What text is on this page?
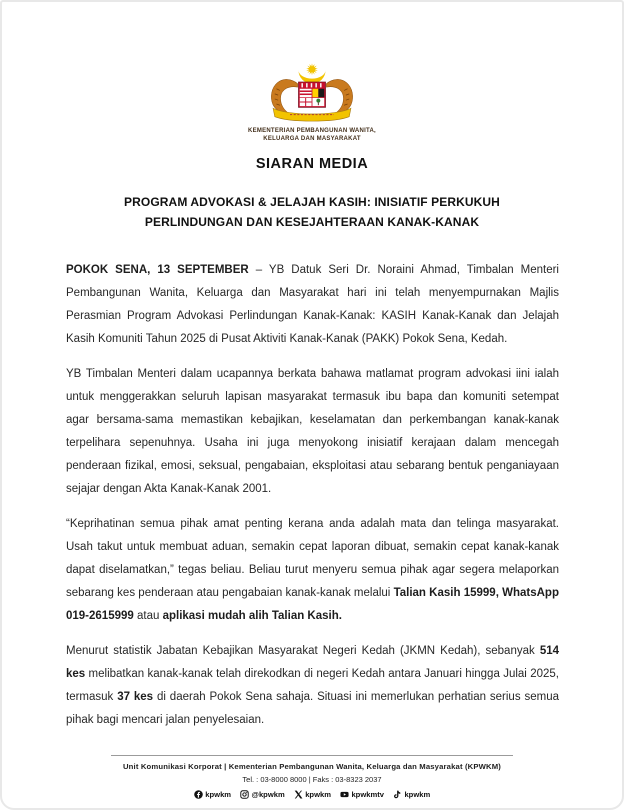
KEMENTERIAN PEMBANGUNAN WANITA,
KELUARGA DAN MASYARAKAT
SIARAN MEDIA
PROGRAM ADVOKASI & JELAJAH KASIH: INISIATIF PERKUKUH
PERLINDUNGAN DAN KESEJAHTERAAN KANAK-KANAK

POKOK SENA, 13 SEPTEMBER – YB Datuk Seri Dr. Noraini Ahmad, Timbalan Menteri Pembangunan Wanita, Keluarga dan Masyarakat hari ini telah menyempurnakan Majlis Perasmian Program Advokasi Perlindungan Kanak-Kanak: KASIH Kanak-Kanak dan Jelajah Kasih Komuniti Tahun 2025 di Pusat Aktiviti Kanak-Kanak (PAKK) Pokok Sena, Kedah.

YB Timbalan Menteri dalam ucapannya berkata bahawa matlamat program advokasi iini ialah untuk menggerakkan seluruh lapisan masyarakat termasuk ibu bapa dan komuniti setempat agar bersama-sama memastikan kebajikan, keselamatan dan perkembangan kanak-kanak terpelihara sepenuhnya. Usaha ini juga menyokong inisiatif kerajaan dalam mencegah penderaan fizikal, emosi, seksual, pengabaian, eksploitasi atau sebarang bentuk penganiayaan sejajar dengan Akta Kanak-Kanak 2001.

“Keprihatinan semua pihak amat penting kerana anda adalah mata dan telinga masyarakat. Usah takut untuk membuat aduan, semakin cepat laporan dibuat, semakin cepat kanak-kanak dapat diselamatkan,” tegas beliau. Beliau turut menyeru semua pihak agar segera melaporkan sebarang kes penderaan atau pengabaian kanak-kanak melalui Talian Kasih 15999, WhatsApp 019-2615999 atau aplikasi mudah alih Talian Kasih.

Menurut statistik Jabatan Kebajikan Masyarakat Negeri Kedah (JKMN Kedah), sebanyak 514 kes melibatkan kanak-kanak telah direkodkan di negeri Kedah antara Januari hingga Julai 2025, termasuk 37 kes di daerah Pokok Sena sahaja. Situasi ini memerlukan perhatian serius semua pihak bagi mencari jalan penyelesaian.

Unit Komunikasi Korporat | Kementerian Pembangunan Wanita, Keluarga dan Masyarakat (KPWKM)
Tel. : 03-8000 8000 | Faks : 03-8323 2037
kpwkm	@kpwkm	kpwkm	kpwkmtv	kpwkm
